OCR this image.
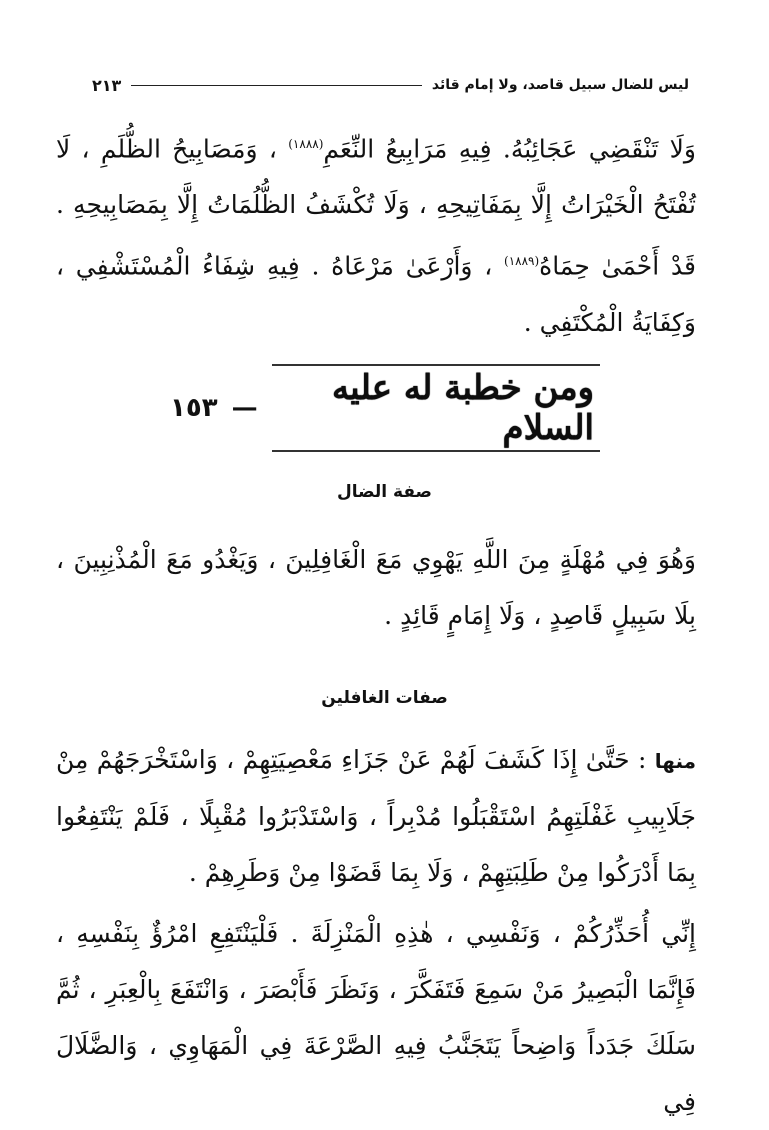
ليس للضال سبيل قاصد، ولا إمام قائد
٢١٣

وَلَا تَنْقَضِي عَجَائِبُهُ. فِيهِ مَرَابِيعُ النِّعَمِ$^{(١٨٨٨)}$ ، وَمَصَابِيحُ الظُّلَمِ ، لَا تُفْتَحُ الْخَيْرَاتُ إِلَّا بِمَفَاتِيحِهِ ، وَلَا تُكْشَفُ الظُّلُمَاتُ إِلَّا بِمَصَابِيحِهِ . قَدْ أَحْمَىٰ حِمَاهُ$^{(١٨٨٩)}$ ، وَأَرْعَىٰ مَرْعَاهُ . فِيهِ شِفَاءُ الْمُسْتَشْفِي ، وَكِفَايَةُ الْمُكْتَفِي .

ومن خطبة له عليه السلام
—
١٥٣
صفة الضال

وَهُوَ فِي مُهْلَةٍ مِنَ اللَّهِ يَهْوِي مَعَ الْغَافِلِينَ ، وَيَغْدُو مَعَ الْمُذْنِبِينَ ، بِلَا سَبِيلٍ قَاصِدٍ ، وَلَا إِمَامٍ قَائِدٍ .

صفات الغافلين

منها : حَتَّىٰ إِذَا كَشَفَ لَهُمْ عَنْ جَزَاءِ مَعْصِيَتِهِمْ ، وَاسْتَخْرَجَهُمْ مِنْ جَلَابِيبِ غَفْلَتِهِمُ اسْتَقْبَلُوا مُدْبِراً ، وَاسْتَدْبَرُوا مُقْبِلًا ، فَلَمْ يَنْتَفِعُوا بِمَا أَدْرَكُوا مِنْ طَلِبَتِهِمْ ، وَلَا بِمَا قَضَوْا مِنْ وَطَرِهِمْ .

إِنِّي أُحَذِّرُكُمْ ، وَنَفْسِي ، هٰذِهِ الْمَنْزِلَةَ . فَلْيَنْتَفِعِ امْرُؤٌ بِنَفْسِهِ ، فَإِنَّمَا الْبَصِيرُ مَنْ سَمِعَ فَتَفَكَّرَ ، وَنَظَرَ فَأَبْصَرَ ، وَانْتَفَعَ بِالْعِبَرِ ، ثُمَّ سَلَكَ جَدَداً وَاضِحاً يَتَجَنَّبُ فِيهِ الصَّرْعَةَ فِي الْمَهَاوِي ، وَالضَّلَالَ فِي
